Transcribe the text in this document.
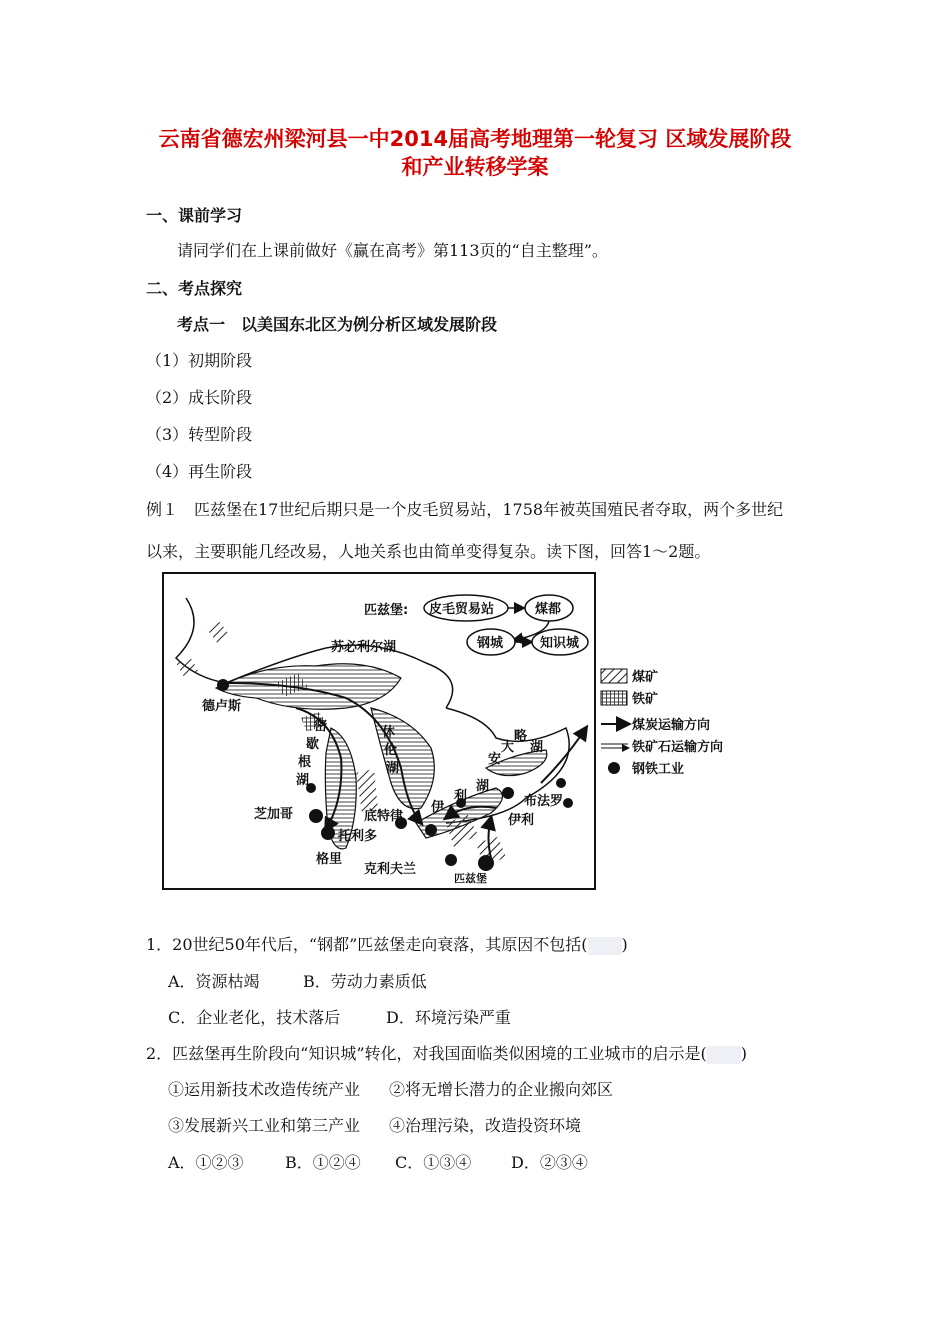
云南省德宏州梁河县一中2014届高考地理第一轮复习 区域发展阶段
和产业转移学案
一、课前学习
请同学们在上课前做好《赢在高考》第113页的“自主整理”。
二、考点探究
考点一　以美国东北区为例分析区域发展阶段
（1）初期阶段
（2）成长阶段
（3）转型阶段
（4）再生阶段
例１　匹兹堡在17世纪后期只是一个皮毛贸易站，1758年被英国殖民者夺取，两个多世纪
以来，主要职能几经改易，人地关系也由简单变得复杂。读下图，回答1～2题。
匹兹堡: 皮毛贸易站	煤都
钢城	知识城
苏必利尔湖
密
歇
根
湖
休
伦
湖
伊
利
湖
安
大
略
湖
德卢斯
芝加哥	底特律
托利多
格里
克利夫兰
布法罗
伊利
匹兹堡
煤矿
铁矿
煤炭运输方向
铁矿石运输方向
钢铁工业
1．20世纪50年代后，“钢都”匹兹堡走向衰落，其原因不包括( )
A．资源枯竭	B．劳动力素质低
C．企业老化，技术落后	D．环境污染严重
2．匹兹堡再生阶段向“知识城”转化，对我国面临类似困境的工业城市的启示是( )
①运用新技术改造传统产业 ②将无增长潜力的企业搬向郊区
③发展新兴工业和第三产业 ④治理污染，改造投资环境
A．①②③	B．①②④ C．①③④ D．②③④
